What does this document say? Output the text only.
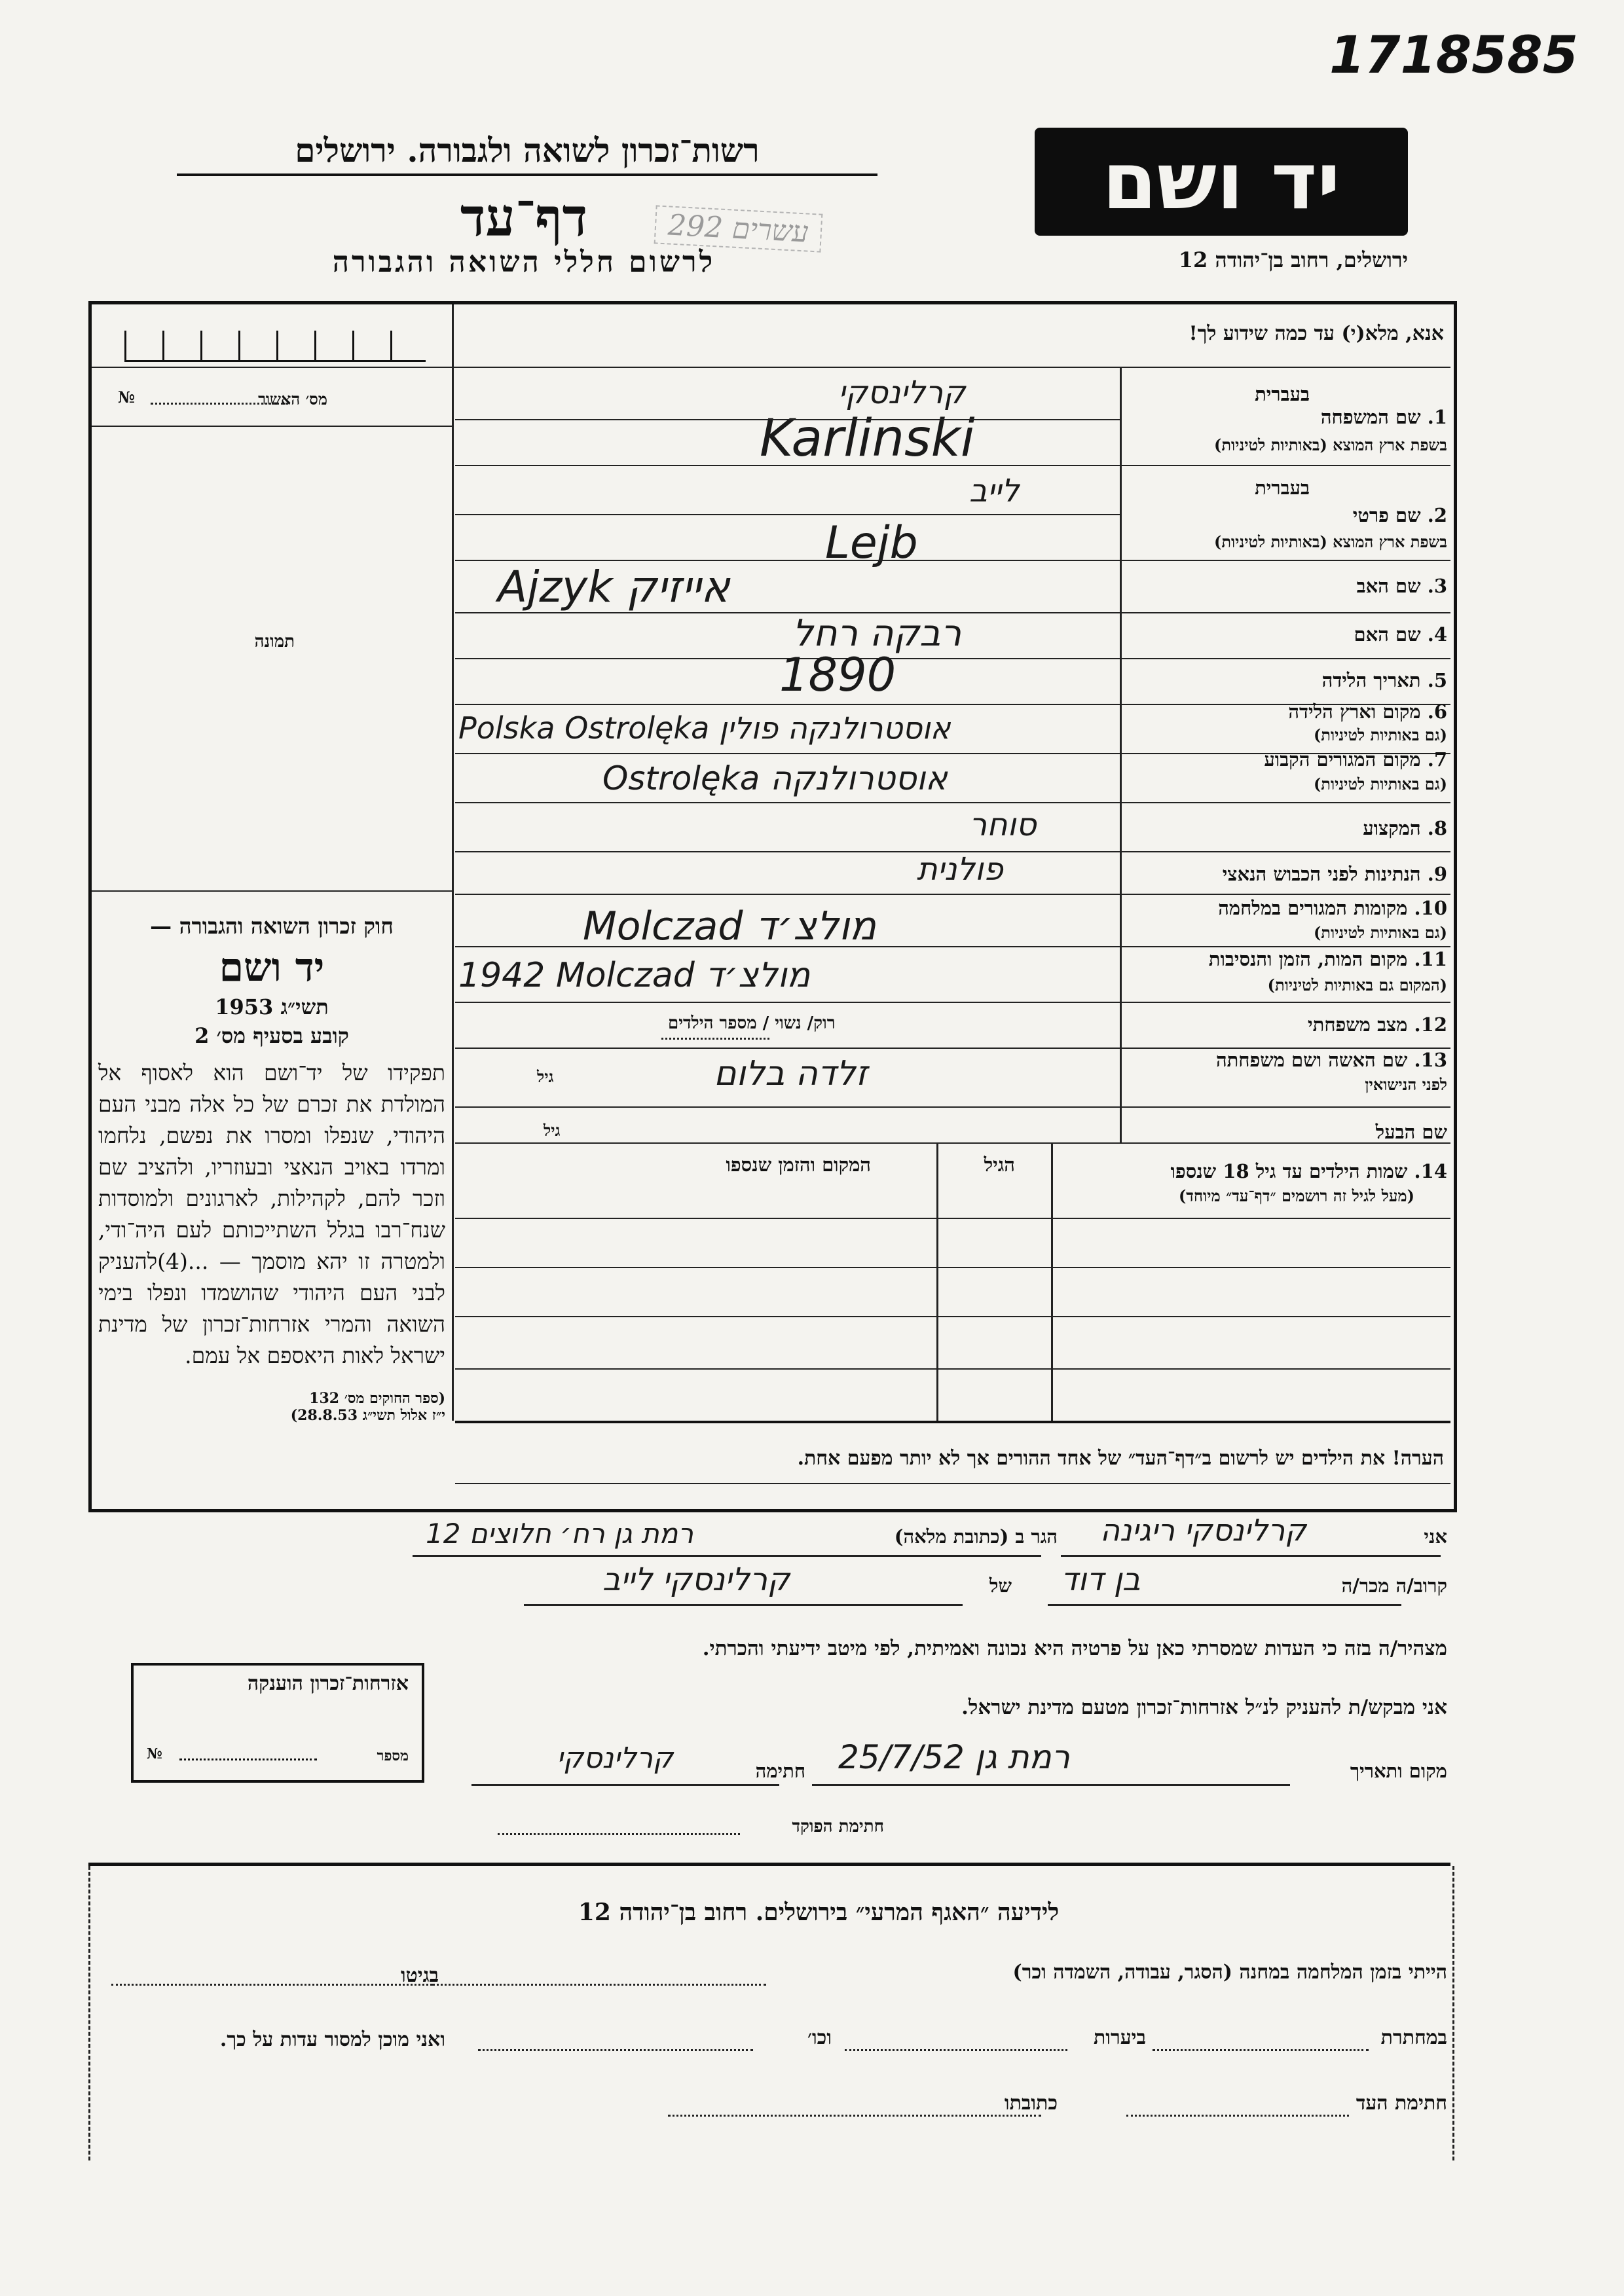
1718585
רשות־זכרון לשואה ולגבורה. ירושלים
דף־עד	עשרים 292
לרשום חללי השואה והגבורה
יד ושם
ירושלים, רחוב בן־יהודה 12
אנא, מלא(י) עד כמה שידוע לך!
מס׳ האשור
№
תמונה

חוק זכרון השואה והגבורה —

יד ושם

תשי״ג 1953

קובע בסעיף מס׳ 2

תפקידו של יד־ושם הוא לאסוף אל המולדת את זכרם של כל אלה מבני העם היהודי, שנפלו ומסרו את נפשם, נלחמו ומרדו באויב הנאצי ובעוזריו, ולהציב שם וזכר להם, לקהילות, לארגונים ולמוסדות שנח־רבו בגלל השתייכותם לעם היה־ודי, ולמטרה זו יהא מוסמך — ...(4)להעניק לבני העם היהודי שהושמדו ונפלו בימי השואה והמרי אזרחות־זכרון של מדינת ישראל לאות היאספם אל עמם.

(ספר החוקים מס׳ 132

י״ז אלול תשי״ג 28.8.53)

בעברית
1. שם המשפחה
בשפת ארץ המוצא (באותיות לטיניות)
קרלינסקי
Karlinski
בעברית
2. שם פרטי
בשפת ארץ המוצא (באותיות לטיניות)
לייב
Lejb
3. שם האב
Ajzyk אייזיק
4. שם האם
רבקה רחל
5. תאריך הלידה
1890
6. מקום וארץ הלידה
(גם באותיות לטיניות)
Polska Ostrolęka אוסטרולנקה פולין
7. מקום המגורים הקבוע
(גם באותיות לטיניות)
Ostrolęka אוסטרולנקה
8. המקצוע
סוחר
9. הנתינות לפני הכבוש הנאצי
פולנית
10. מקומות המגורים במלחמה
(גם באותיות לטיניות)
Molczad מולצ׳ד
11. מקום המות, הזמן והנסיבות
(המקום גם באותיות לטיניות)
1942 Molczad מולצ׳ד
12. מצב משפחתי
רוק/ נשוי / מספר הילדים
13. שם האשה ושם משפחתה
לפני הנישואין
זלדה בלום
גיל
שם הבעל
גיל
14. שמות הילדים עד גיל 18 שנספו
(מעל לגיל זה רושמים ״דף־עד״ מיוחד)
הגיל
המקום והזמן שנספו
הערה! את הילדים יש לרשום ב״דף־העד״ של אחד ההורים אך לא יותר מפעם אחת.
אני
קרלינסקי ריגינה
הגר ב (כתובת מלאה)
רמת גן רח׳ חלוצים 12
קרוב/ה מכר/ה
בן דוד
של
קרלינסקי לייב
מצהיר/ה בזה כי העדות שמסרתי כאן על פרטיה היא נכונה ואמיתית, לפי מיטב ידיעתי והכרתי.
אני מבקש/ת להעניק לנ״ל אזרחות־זכרון מטעם מדינת ישראל.
מקום ותאריך
רמת גן 25/7/52
חתימה
קרלינסקי
חתימת הפוקד
אזרחות־זכרון הוענקה
מספר
№
לידיעה ״האגף המרעי״ בירושלים. רחוב בן־יהודה 12
הייתי בזמן המלחמה במחנה (הסגר, עבודה, השמדה וכר)
בגיטו
במחתרת
ביערות
וכו׳
ואני מוכן למסור עדות על כך.
חתימת העד
כתובתו
